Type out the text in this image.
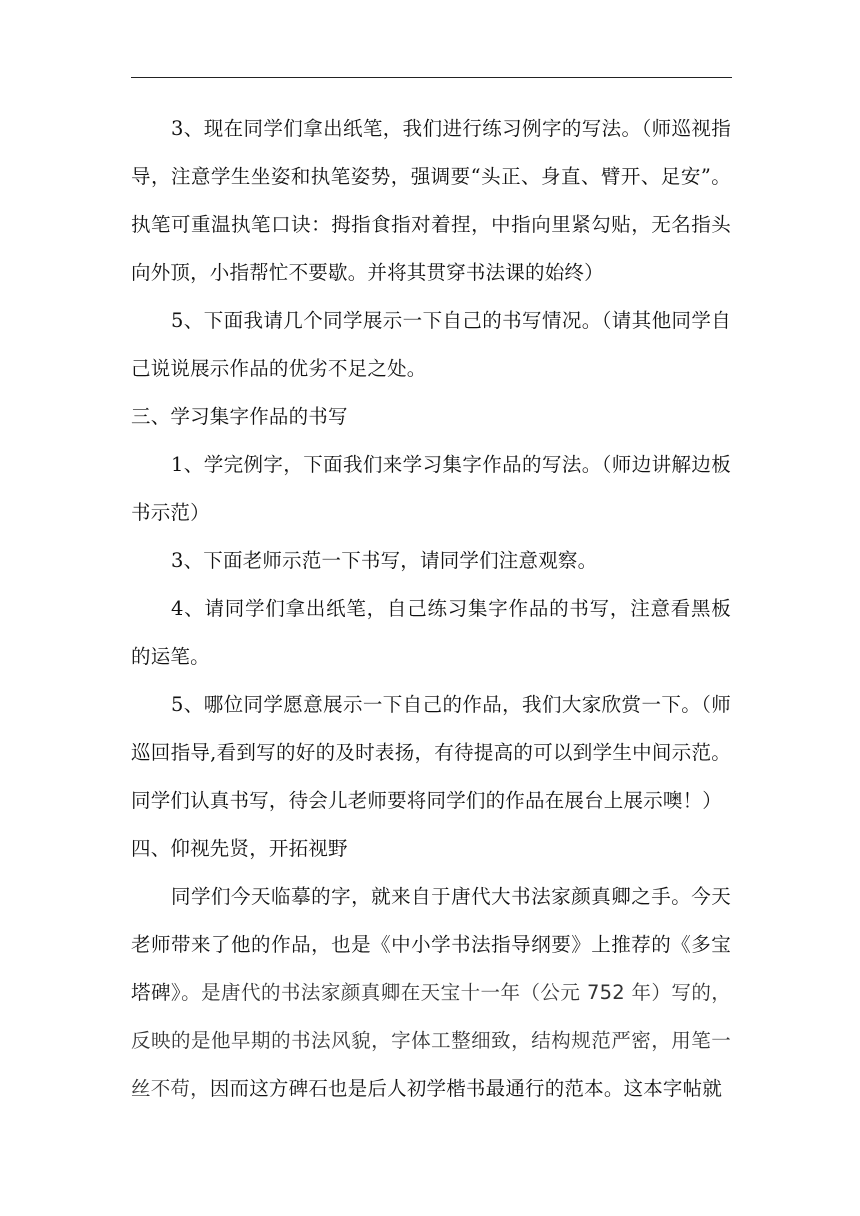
3、现在同学们拿出纸笔，我们进行练习例字的写法。（师巡视指导，注意学生坐姿和执笔姿势，强调要“头正、身直、臂开、足安”。执笔可重温执笔口诀：拇指食指对着捏，中指向里紧勾贴，无名指头向外顶，小指帮忙不要歇。并将其贯穿书法课的始终）

5、下面我请几个同学展示一下自己的书写情况。（请其他同学自己说说展示作品的优劣不足之处。

三、学习集字作品的书写

1、学完例字，下面我们来学习集字作品的写法。（师边讲解边板书示范）

3、下面老师示范一下书写，请同学们注意观察。

4、请同学们拿出纸笔，自己练习集字作品的书写，注意看黑板的运笔。

5、哪位同学愿意展示一下自己的作品，我们大家欣赏一下。（师巡回指导,看到写的好的及时表扬，有待提高的可以到学生中间示范。同学们认真书写，待会儿老师要将同学们的作品在展台上展示噢！）

四、仰视先贤，开拓视野

同学们今天临摹的字，就来自于唐代大书法家颜真卿之手。今天老师带来了他的作品，也是《中小学书法指导纲要》上推荐的《多宝塔碑》。是唐代的书法家颜真卿在天宝十一年（公元 752 年）写的，反映的是他早期的书法风貌，字体工整细致，结构规范严密，用笔一丝不苟，因而这方碑石也是后人初学楷书最通行的范本。这本字帖就
